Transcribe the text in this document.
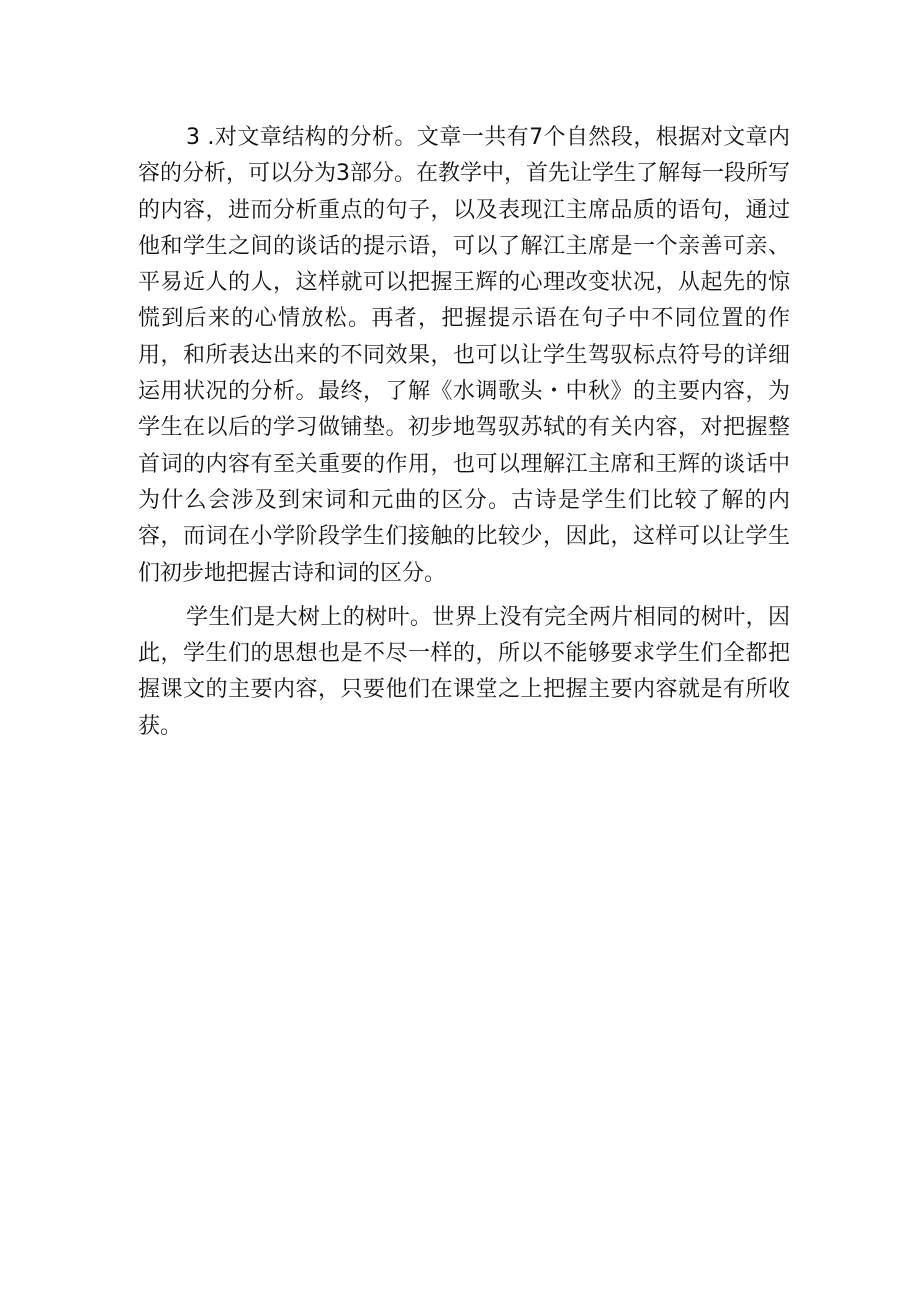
3 .对文章结构的分析。文章一共有7个自然段，根据对文章内容的分析，可以分为3部分。在教学中，首先让学生了解每一段所写的内容，进而分析重点的句子，以及表现江主席品质的语句，通过他和学生之间的谈话的提示语，可以了解江主席是一个亲善可亲、平易近人的人，这样就可以把握王辉的心理改变状况，从起先的惊慌到后来的心情放松。再者，把握提示语在句子中不同位置的作用，和所表达出来的不同效果，也可以让学生驾驭标点符号的详细运用状况的分析。最终，了解《水调歌头・中秋》的主要内容，为学生在以后的学习做铺垫。初步地驾驭苏轼的有关内容，对把握整首词的内容有至关重要的作用，也可以理解江主席和王辉的谈话中为什么会涉及到宋词和元曲的区分。古诗是学生们比较了解的内容，而词在小学阶段学生们接触的比较少，因此，这样可以让学生们初步地把握古诗和词的区分。

学生们是大树上的树叶。世界上没有完全两片相同的树叶，因此，学生们的思想也是不尽一样的，所以不能够要求学生们全都把握课文的主要内容，只要他们在课堂之上把握主要内容就是有所收获。
